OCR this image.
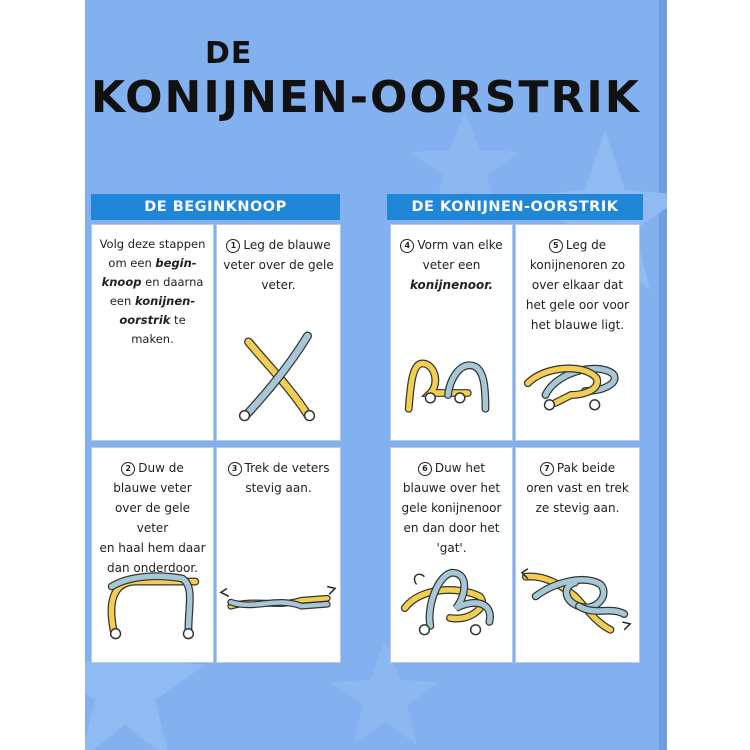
DE
KONIJNEN-OORSTRIK
DE BEGINKNOOP	DE KONIJNEN-OORSTRIK
Volg deze stappen
om een begin-
knoop en daarna
een konijnen-
oorstrik te
maken.
1 Leg de blauwe
veter over de gele
veter.
4 Vorm van elke
veter een
konijnenoor.
5 Leg de
konijnenoren zo
over elkaar dat
het gele oor voor
het blauwe ligt.
2 Duw de
blauwe veter
over de gele veter
en haal hem daar
dan onderdoor.
3 Trek de veters
stevig aan.
6 Duw het
blauwe over het
gele konijnenoor
en dan door het
'gat'.
7 Pak beide
oren vast en trek
ze stevig aan.
